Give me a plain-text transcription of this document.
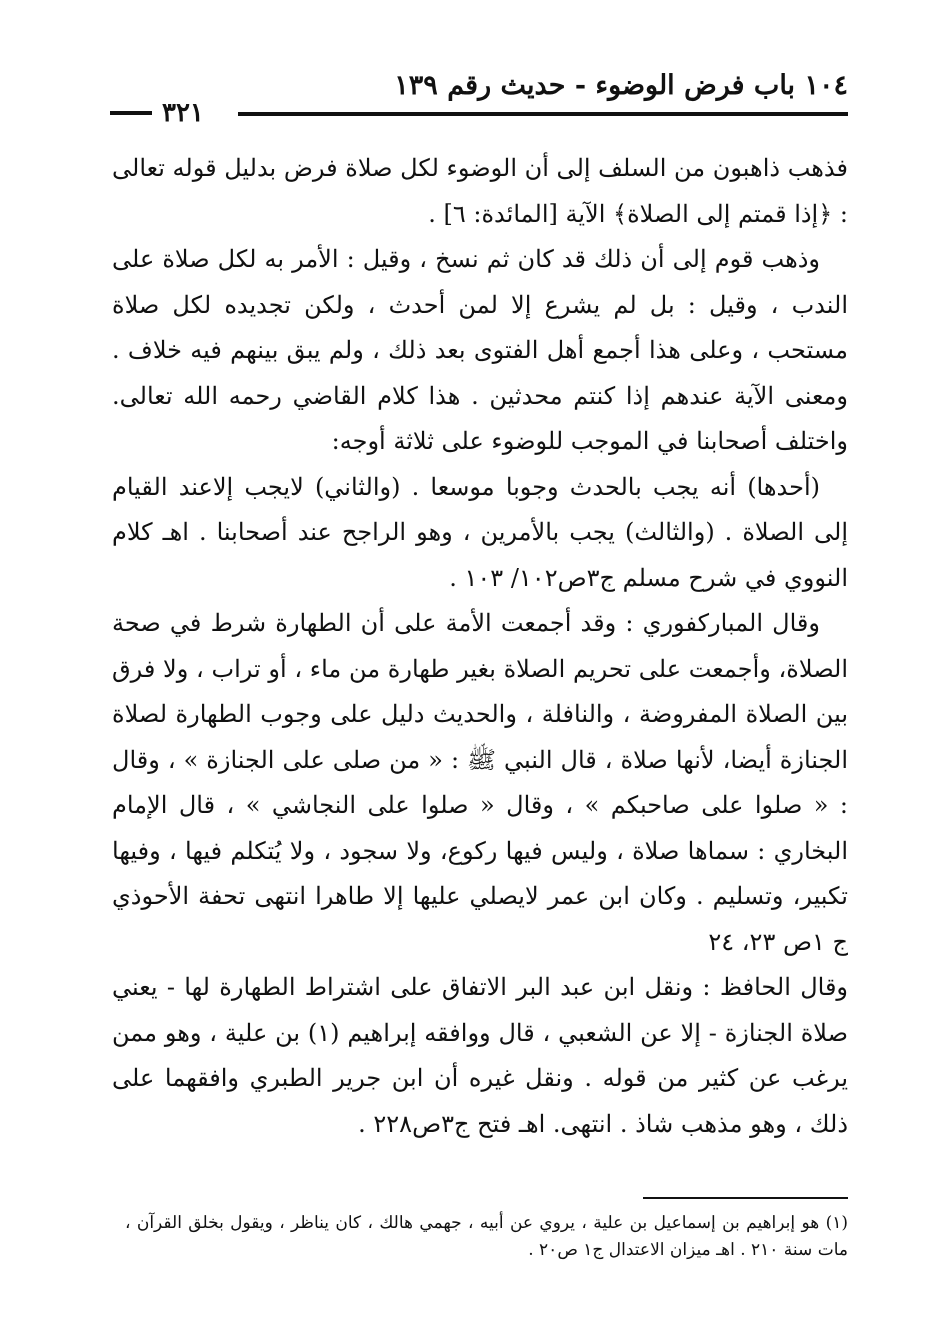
١٠٤ باب فرض الوضوء - حديث رقم ١٣٩
٣٢١

فذهب ذاهبون من السلف إلى أن الوضوء لكل صلاة فرض بدليل قوله تعالى : ﴿إذا قمتم إلى الصلاة﴾ الآية [المائدة: ٦] .

وذهب قوم إلى أن ذلك قد كان ثم نسخ ، وقيل : الأمر به لكل صلاة على الندب ، وقيل : بل لم يشرع إلا لمن أحدث ، ولكن تجديده لكل صلاة مستحب ، وعلى هذا أجمع أهل الفتوى بعد ذلك ، ولم يبق بينهم فيه خلاف . ومعنى الآية عندهم إذا كنتم محدثين . هذا كلام القاضي رحمه الله تعالى. واختلف أصحابنا في الموجب للوضوء على ثلاثة أوجه:

(أحدها) أنه يجب بالحدث وجوبا موسعا . (والثاني) لايجب إلاعند القيام إلى الصلاة . (والثالث) يجب بالأمرين ، وهو الراجح عند أصحابنا . اهـ كلام النووي في شرح مسلم ج٣ص١٠٢/ ١٠٣ .

وقال المباركفوري : وقد أجمعت الأمة على أن الطهارة شرط في صحة الصلاة، وأجمعت على تحريم الصلاة بغير طهارة من ماء ، أو تراب ، ولا فرق بين الصلاة المفروضة ، والنافلة ، والحديث دليل على وجوب الطهارة لصلاة الجنازة أيضا، لأنها صلاة ، قال النبي ﷺ : « من صلى على الجنازة » ، وقال : « صلوا على صاحبكم » ، وقال « صلوا على النجاشي » ، قال الإمام البخاري : سماها صلاة ، وليس فيها ركوع، ولا سجود ، ولا يُتكلم فيها ، وفيها تكبير، وتسليم . وكان ابن عمر لايصلي عليها إلا طاهرا انتهى تحفة الأحوذي ج ١ص ٢٣، ٢٤

وقال الحافظ : ونقل ابن عبد البر الاتفاق على اشتراط الطهارة لها - يعني صلاة الجنازة - إلا عن الشعبي ، قال ووافقه إبراهيم (١) بن علية ، وهو ممن يرغب عن كثير من قوله . ونقل غيره أن ابن جرير الطبري وافقهما على ذلك ، وهو مذهب شاذ . انتهى. اهـ فتح ج٣ص٢٢٨ .

(١) هو إبراهيم بن إسماعيل بن علية ، يروي عن أبيه ، جهمي هالك ، كان يناظر ، ويقول بخلق القرآن ، مات سنة ٢١٠ . اهـ ميزان الاعتدال ج١ ص٢٠ .
